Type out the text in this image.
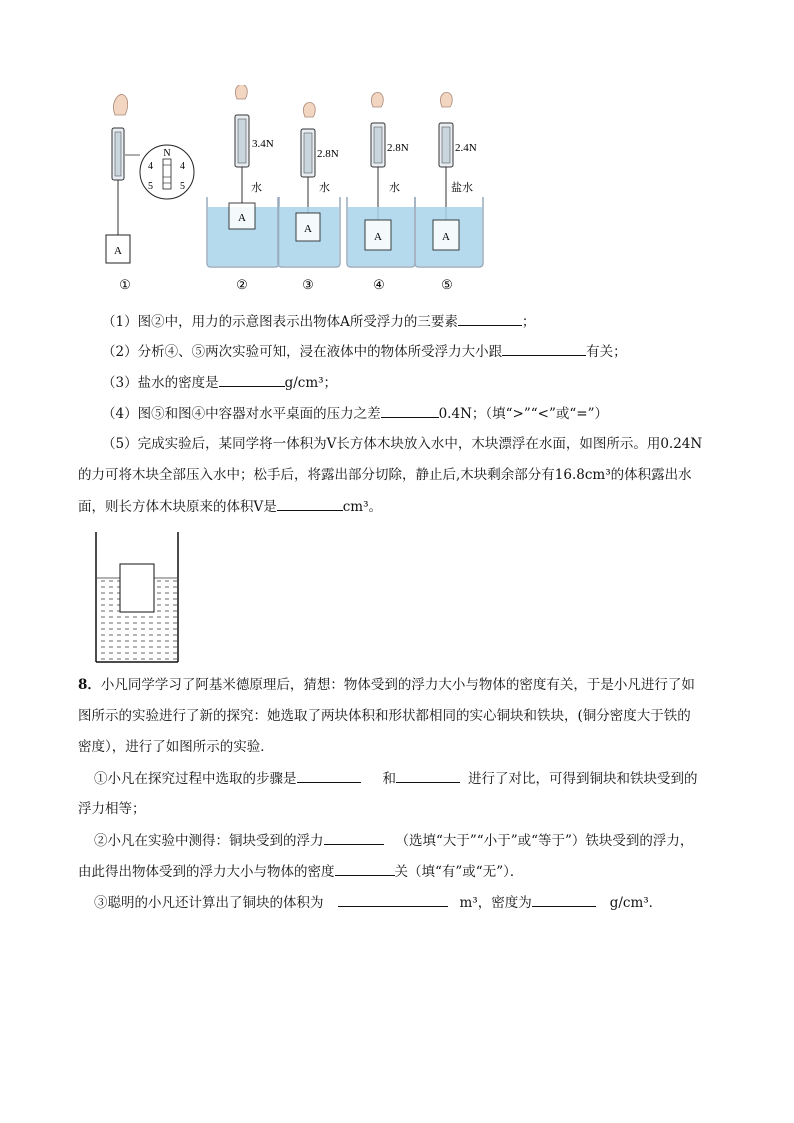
A
N
4	4
5	5
①
3.4N
水
A
②
2.8N
水
A
③
2.8N
水
A
④
2.4N
盐水
A
⑤
（1）图②中，用力的示意图表示出物体A所受浮力的三要素	；
（2）分析④、⑤两次实验可知，浸在液体中的物体所受浮力大小跟	有关；
（3）盐水的密度是	g/cm³；
（4）图⑤和图④中容器对水平桌面的压力之差	0.4N；（填“>”“<”或“=”）
（5）完成实验后，某同学将一体积为V长方体木块放入水中，木块漂浮在水面，如图所示。用0.24N
的力可将木块全部压入水中；松手后，将露出部分切除，静止后,木块剩余部分有16.8cm³的体积露出水
面，则长方体木块原来的体积V是	cm³。
8．小凡同学学习了阿基米德原理后，猜想：物体受到的浮力大小与物体的密度有关，于是小凡进行了如
图所示的实验进行了新的探究：她选取了两块体积和形状都相同的实心铜块和铁块，(铜分密度大于铁的
密度），进行了如图所示的实验．
①小凡在探究过程中选取的步骤是	和	进行了对比，可得到铜块和铁块受到的
浮力相等；
②小凡在实验中测得：铜块受到的浮力	（选填“大于”“小于”或“等于”）铁块受到的浮力，
由此得出物体受到的浮力大小与物体的密度	关（填“有”或“无”）．
③聪明的小凡还计算出了铜块的体积为	m³，密度为	g/cm³．
